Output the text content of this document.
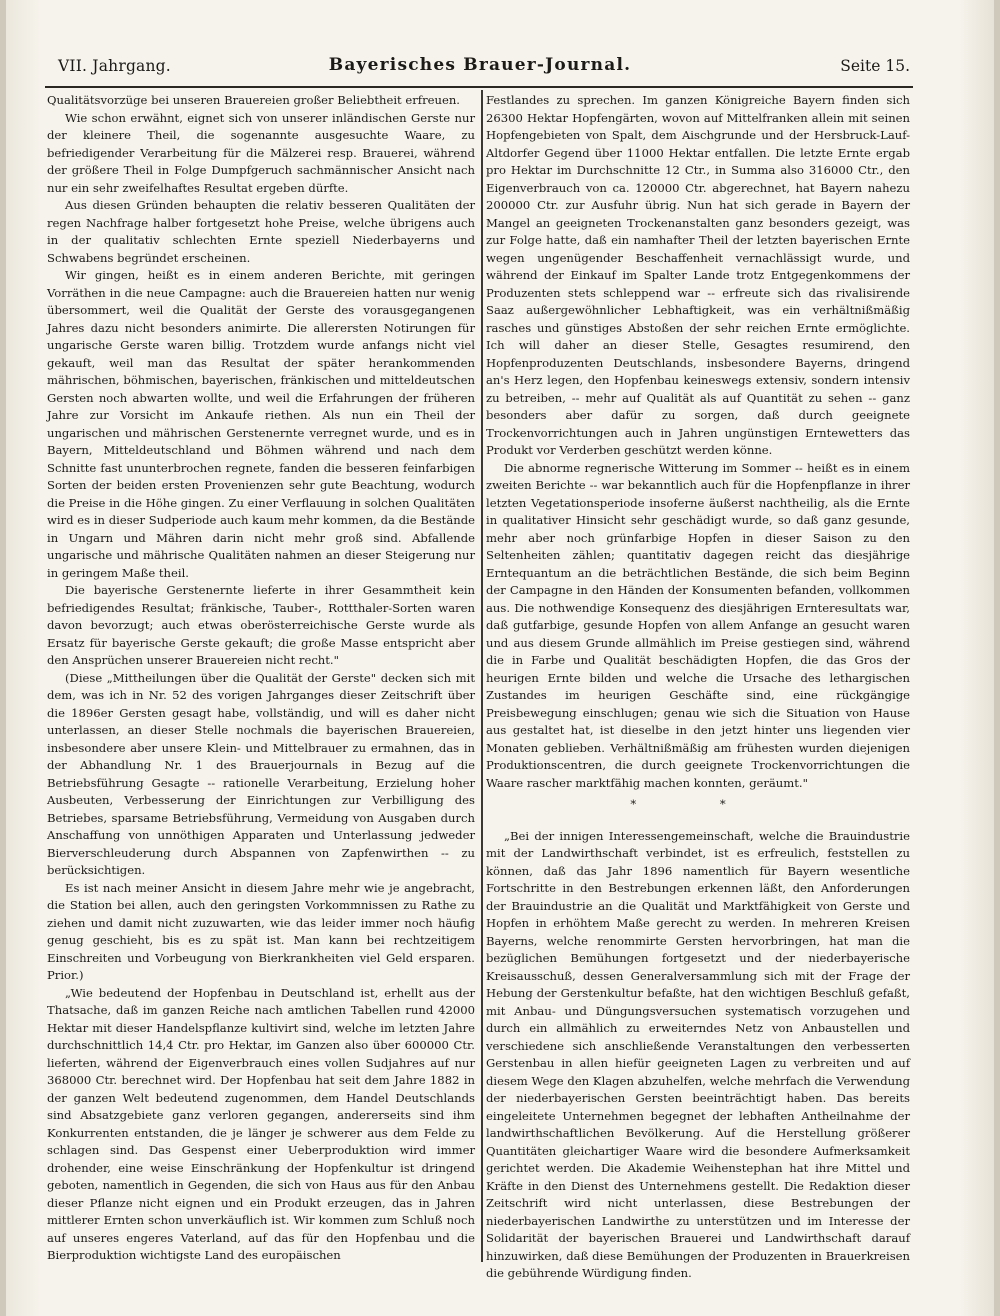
VII. Jahrgang.	Bayerisches Brauer-Journal.	Seite 15.

Qualitätsvorzüge bei unseren Brauereien großer Beliebtheit erfreuen.

Wie schon erwähnt, eignet sich von unserer inländischen Gerste nur der kleinere Theil, die sogenannte ausgesuchte Waare, zu befriedigender Verarbeitung für die Mälzerei resp. Brauerei, während der größere Theil in Folge Dumpfgeruch sachmännischer Ansicht nach nur ein sehr zweifelhaftes Resultat ergeben dürfte.

Aus diesen Gründen behaupten die relativ besseren Qualitäten der regen Nachfrage halber fortgesetzt hohe Preise, welche übrigens auch in der qualitativ schlechten Ernte speziell Niederbayerns und Schwabens begründet erscheinen.

Wir gingen, heißt es in einem anderen Berichte, mit geringen Vorräthen in die neue Campagne: auch die Brauereien hatten nur wenig übersommert, weil die Qualität der Gerste des vorausgegangenen Jahres dazu nicht besonders animirte. Die allerersten Notirungen für ungarische Gerste waren billig. Trotzdem wurde anfangs nicht viel gekauft, weil man das Resultat der später herankommenden mährischen, böhmischen, bayerischen, fränkischen und mitteldeutschen Gersten noch abwarten wollte, und weil die Erfahrungen der früheren Jahre zur Vorsicht im Ankaufe riethen. Als nun ein Theil der ungarischen und mährischen Gerstenernte verregnet wurde, und es in Bayern, Mitteldeutschland und Böhmen während und nach dem Schnitte fast ununterbrochen regnete, fanden die besseren feinfarbigen Sorten der beiden ersten Provenienzen sehr gute Beachtung, wodurch die Preise in die Höhe gingen. Zu einer Verflauung in solchen Qualitäten wird es in dieser Sudperiode auch kaum mehr kommen, da die Bestände in Ungarn und Mähren darin nicht mehr groß sind. Abfallende ungarische und mährische Qualitäten nahmen an dieser Steigerung nur in geringem Maße theil.

Die bayerische Gerstenernte lieferte in ihrer Gesammtheit kein befriedigendes Resultat; fränkische, Tauber-, Rottthaler-Sorten waren davon bevorzugt; auch etwas oberösterreichische Gerste wurde als Ersatz für bayerische Gerste gekauft; die große Masse entspricht aber den Ansprüchen unserer Brauereien nicht recht."

(Diese „Mittheilungen über die Qualität der Gerste" decken sich mit dem, was ich in Nr. 52 des vorigen Jahrganges dieser Zeitschrift über die 1896er Gersten gesagt habe, vollständig, und will es daher nicht unterlassen, an dieser Stelle nochmals die bayerischen Brauereien, insbesondere aber unsere Klein- und Mittelbrauer zu ermahnen, das in der Abhandlung Nr. 1 des Brauerjournals in Bezug auf die Betriebsführung Gesagte -- rationelle Verarbeitung, Erzielung hoher Ausbeuten, Verbesserung der Einrichtungen zur Verbilligung des Betriebes, sparsame Betriebsführung, Vermeidung von Ausgaben durch Anschaffung von unnöthigen Apparaten und Unterlassung jedweder Bierverschleuderung durch Abspannen von Zapfenwirthen -- zu berücksichtigen.

Es ist nach meiner Ansicht in diesem Jahre mehr wie je angebracht, die Station bei allen, auch den geringsten Vorkommnissen zu Rathe zu ziehen und damit nicht zuzuwarten, wie das leider immer noch häufig genug geschieht, bis es zu spät ist. Man kann bei rechtzeitigem Einschreiten und Vorbeugung von Bierkrankheiten viel Geld ersparen. Prior.)

„Wie bedeutend der Hopfenbau in Deutschland ist, erhellt aus der Thatsache, daß im ganzen Reiche nach amtlichen Tabellen rund 42000 Hektar mit dieser Handelspflanze kultivirt sind, welche im letzten Jahre durchschnittlich 14,4 Ctr. pro Hektar, im Ganzen also über 600000 Ctr. lieferten, während der Eigenverbrauch eines vollen Sudjahres auf nur 368000 Ctr. berechnet wird. Der Hopfenbau hat seit dem Jahre 1882 in der ganzen Welt bedeutend zugenommen, dem Handel Deutschlands sind Absatzgebiete ganz verloren gegangen, andererseits sind ihm Konkurrenten entstanden, die je länger je schwerer aus dem Felde zu schlagen sind. Das Gespenst einer Ueberproduktion wird immer drohender, eine weise Einschränkung der Hopfenkultur ist dringend geboten, namentlich in Gegenden, die sich von Haus aus für den Anbau dieser Pflanze nicht eignen und ein Produkt erzeugen, das in Jahren mittlerer Ernten schon unverkäuflich ist. Wir kommen zum Schluß noch auf unseres engeres Vaterland, auf das für den Hopfenbau und die Bierproduktion wichtigste Land des europäischen

Festlandes zu sprechen. Im ganzen Königreiche Bayern finden sich 26300 Hektar Hopfengärten, wovon auf Mittelfranken allein mit seinen Hopfengebieten von Spalt, dem Aischgrunde und der Hersbruck-Lauf-Altdorfer Gegend über 11000 Hektar entfallen. Die letzte Ernte ergab pro Hektar im Durchschnitte 12 Ctr., in Summa also 316000 Ctr., den Eigenverbrauch von ca. 120000 Ctr. abgerechnet, hat Bayern nahezu 200000 Ctr. zur Ausfuhr übrig. Nun hat sich gerade in Bayern der Mangel an geeigneten Trockenanstalten ganz besonders gezeigt, was zur Folge hatte, daß ein namhafter Theil der letzten bayerischen Ernte wegen ungenügender Beschaffenheit vernachlässigt wurde, und während der Einkauf im Spalter Lande trotz Entgegenkommens der Produzenten stets schleppend war -- erfreute sich das rivalisirende Saaz außergewöhnlicher Lebhaftigkeit, was ein verhältnißmäßig rasches und günstiges Abstoßen der sehr reichen Ernte ermöglichte. Ich will daher an dieser Stelle, Gesagtes resumirend, den Hopfenproduzenten Deutschlands, insbesondere Bayerns, dringend an's Herz legen, den Hopfenbau keineswegs extensiv, sondern intensiv zu betreiben, -- mehr auf Qualität als auf Quantität zu sehen -- ganz besonders aber dafür zu sorgen, daß durch geeignete Trockenvorrichtungen auch in Jahren ungünstigen Erntewetters das Produkt vor Verderben geschützt werden könne.

Die abnorme regnerische Witterung im Sommer -- heißt es in einem zweiten Berichte -- war bekanntlich auch für die Hopfenpflanze in ihrer letzten Vegetationsperiode insoferne äußerst nachtheilig, als die Ernte in qualitativer Hinsicht sehr geschädigt wurde, so daß ganz gesunde, mehr aber noch grünfarbige Hopfen in dieser Saison zu den Seltenheiten zählen; quantitativ dagegen reicht das diesjährige Erntequantum an die beträchtlichen Bestände, die sich beim Beginn der Campagne in den Händen der Konsumenten befanden, vollkommen aus. Die nothwendige Konsequenz des diesjährigen Ernteresultats war, daß gutfarbige, gesunde Hopfen von allem Anfange an gesucht waren und aus diesem Grunde allmählich im Preise gestiegen sind, während die in Farbe und Qualität beschädigten Hopfen, die das Gros der heurigen Ernte bilden und welche die Ursache des lethargischen Zustandes im heurigen Geschäfte sind, eine rückgängige Preisbewegung einschlugen; genau wie sich die Situation von Hause aus gestaltet hat, ist dieselbe in den jetzt hinter uns liegenden vier Monaten geblieben. Verhältnißmäßig am frühesten wurden diejenigen Produktionscentren, die durch geeignete Trockenvorrichtungen die Waare rascher marktfähig machen konnten, geräumt."

* *

„Bei der innigen Interessengemeinschaft, welche die Brauindustrie mit der Landwirthschaft verbindet, ist es erfreulich, feststellen zu können, daß das Jahr 1896 namentlich für Bayern wesentliche Fortschritte in den Bestrebungen erkennen läßt, den Anforderungen der Brauindustrie an die Qualität und Marktfähigkeit von Gerste und Hopfen in erhöhtem Maße gerecht zu werden. In mehreren Kreisen Bayerns, welche renommirte Gersten hervorbringen, hat man die bezüglichen Bemühungen fortgesetzt und der niederbayerische Kreisausschuß, dessen Generalversammlung sich mit der Frage der Hebung der Gerstenkultur befaßte, hat den wichtigen Beschluß gefaßt, mit Anbau- und Düngungsversuchen systematisch vorzugehen und durch ein allmählich zu erweiterndes Netz von Anbaustellen und verschiedene sich anschließende Veranstaltungen den verbesserten Gerstenbau in allen hiefür geeigneten Lagen zu verbreiten und auf diesem Wege den Klagen abzuhelfen, welche mehrfach die Verwendung der niederbayerischen Gersten beeinträchtigt haben. Das bereits eingeleitete Unternehmen begegnet der lebhaften Antheilnahme der landwirthschaftlichen Bevölkerung. Auf die Herstellung größerer Quantitäten gleichartiger Waare wird die besondere Aufmerksamkeit gerichtet werden. Die Akademie Weihenstephan hat ihre Mittel und Kräfte in den Dienst des Unternehmens gestellt. Die Redaktion dieser Zeitschrift wird nicht unterlassen, diese Bestrebungen der niederbayerischen Landwirthe zu unterstützen und im Interesse der Solidarität der bayerischen Brauerei und Landwirthschaft darauf hinzuwirken, daß diese Bemühungen der Produzenten in Brauerkreisen die gebührende Würdigung finden.
